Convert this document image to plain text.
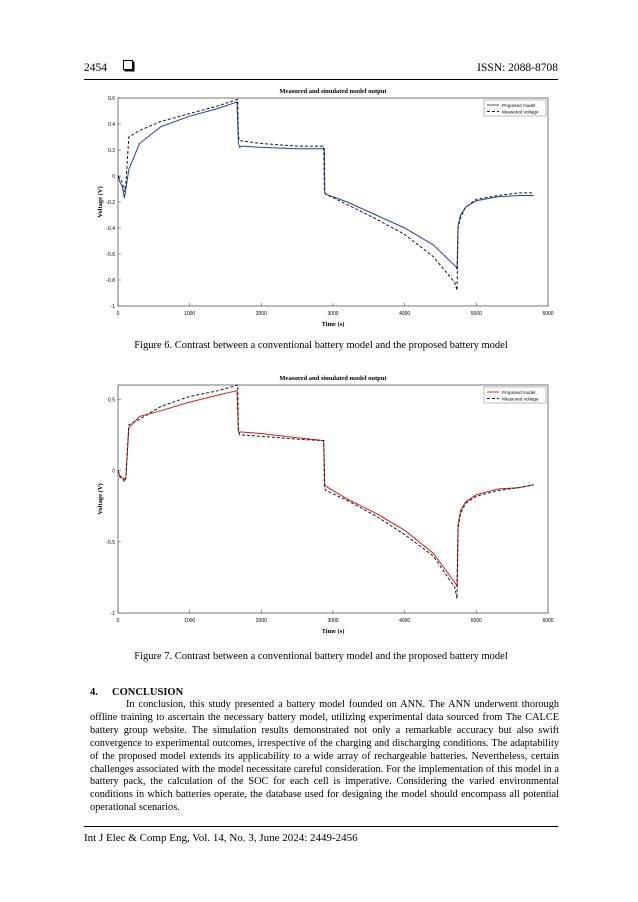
2454	ISSN: 2088-8708
Measured and simulated model output
0	1000	2000	3000	4000	5000	6000
-1
-0.8
-0.6
-0.4
-0.2
0
0.2
0.4
0.6
Time (s)
Voltage (V)
Proposed model
Measured voltage
Figure 6. Contrast between a conventional battery model and the proposed battery model
Measured and simulated model output
0	1000	2000	3000	4000	5000	6000
-1
-0.5
0
0.5
Time (s)
Voltage (V)
Proposed model
Measured voltage
Figure 7. Contrast between a conventional battery model and the proposed battery model
4. CONCLUSION
In conclusion, this study presented a battery model founded on ANN. The ANN underwent thorough offline training to ascertain the necessary battery model, utilizing experimental data sourced from The CALCE battery group website. The simulation results demonstrated not only a remarkable accuracy but also swift convergence to experimental outcomes, irrespective of the charging and discharging conditions. The adaptability of the proposed model extends its applicability to a wide array of rechargeable batteries. Nevertheless, certain challenges associated with the model necessitate careful consideration. For the implementation of this model in a battery pack, the calculation of the SOC for each cell is imperative. Considering the varied environmental conditions in which batteries operate, the database used for designing the model should encompass all potential operational scenarios.
Int J Elec & Comp Eng, Vol. 14, No. 3, June 2024: 2449-2456
